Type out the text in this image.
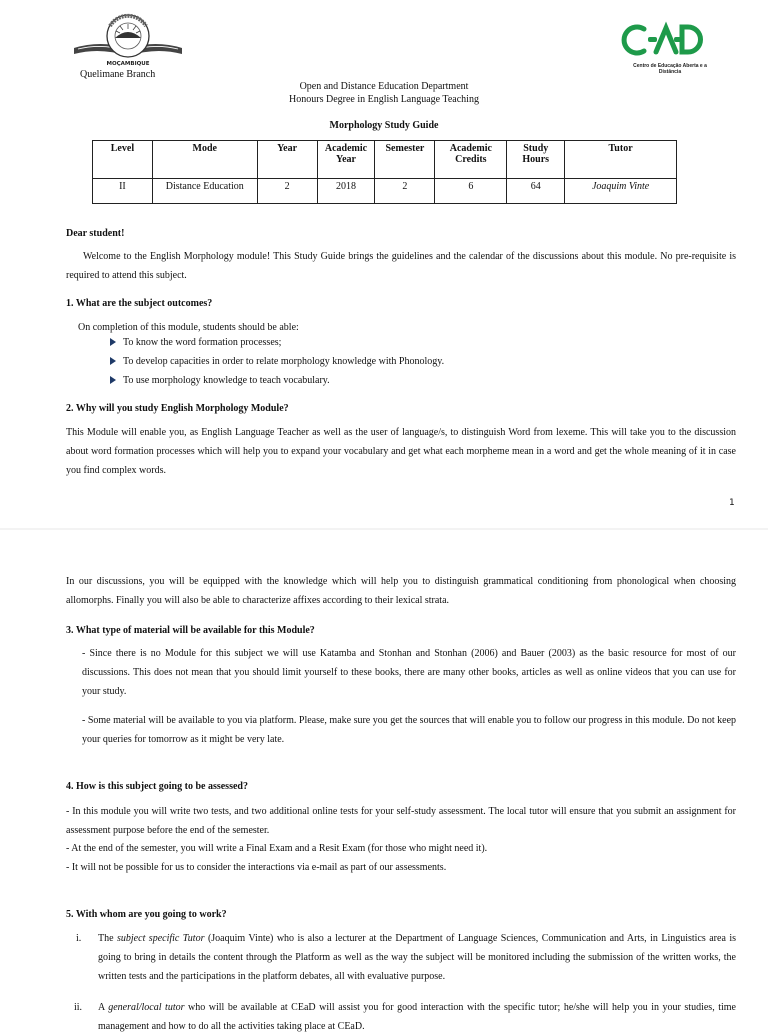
MOÇAMBIQUE
Quelimane Branch
Centro de Educação Aberta e a
Distância
Open and Distance Education Department
Honours Degree in English Language Teaching
Morphology Study Guide
Level	Mode	Year	Academic Year	Semester	Academic Credits	Study Hours	Tutor
II	Distance Education	2	2018	2	6	64	Joaquim Vinte
Dear student!
Welcome to the English Morphology module! This Study Guide brings the guidelines and the calendar of the discussions about this module. No pre-requisite is required to attend this subject.
1. What are the subject outcomes?
On completion of this module, students should be able:
To know the word formation processes;
To develop capacities in order to relate morphology knowledge with Phonology.
To use morphology knowledge to teach vocabulary.
2. Why will you study English Morphology Module?
This Module will enable you, as English Language Teacher as well as the user of language/s, to distinguish Word from lexeme. This will take you to the discussion about word formation processes which will help you to expand your vocabulary and get what each morpheme mean in a word and get the whole meaning of it in case you find complex words.
1
In our discussions, you will be equipped with the knowledge which will help you to distinguish grammatical conditioning from phonological when choosing allomorphs. Finally you will also be able to characterize affixes according to their lexical strata.
3. What type of material will be available for this Module?
- Since there is no Module for this subject we will use Katamba and Stonhan and Stonhan (2006) and Bauer (2003) as the basic resource for most of our discussions. This does not mean that you should limit yourself to these books, there are many other books, articles as well as online videos that you can use for your study.
- Some material will be available to you via platform. Please, make sure you get the sources that will enable you to follow our progress in this module. Do not keep your queries for tomorrow as it might be very late.
4. How is this subject going to be assessed?
- In this module you will write two tests, and two additional online tests for your self-study assessment. The local tutor will ensure that you submit an assignment for assessment purpose before the end of the semester.
- At the end of the semester, you will write a Final Exam and a Resit Exam (for those who might need it).
- It will not be possible for us to consider the interactions via e-mail as part of our assessments.
5. With whom are you going to work?
i. The subject specific Tutor (Joaquim Vinte) who is also a lecturer at the Department of Language Sciences, Communication and Arts, in Linguistics area is going to bring in details the content through the Platform as well as the way the subject will be monitored including the submission of the written works, the written tests and the participations in the platform debates, all with evaluative purpose.
ii. A general/local tutor who will be available at CEaD will assist you for good interaction with the specific tutor; he/she will help you in your studies, time management and how to do all the activities taking place at CEaD.
